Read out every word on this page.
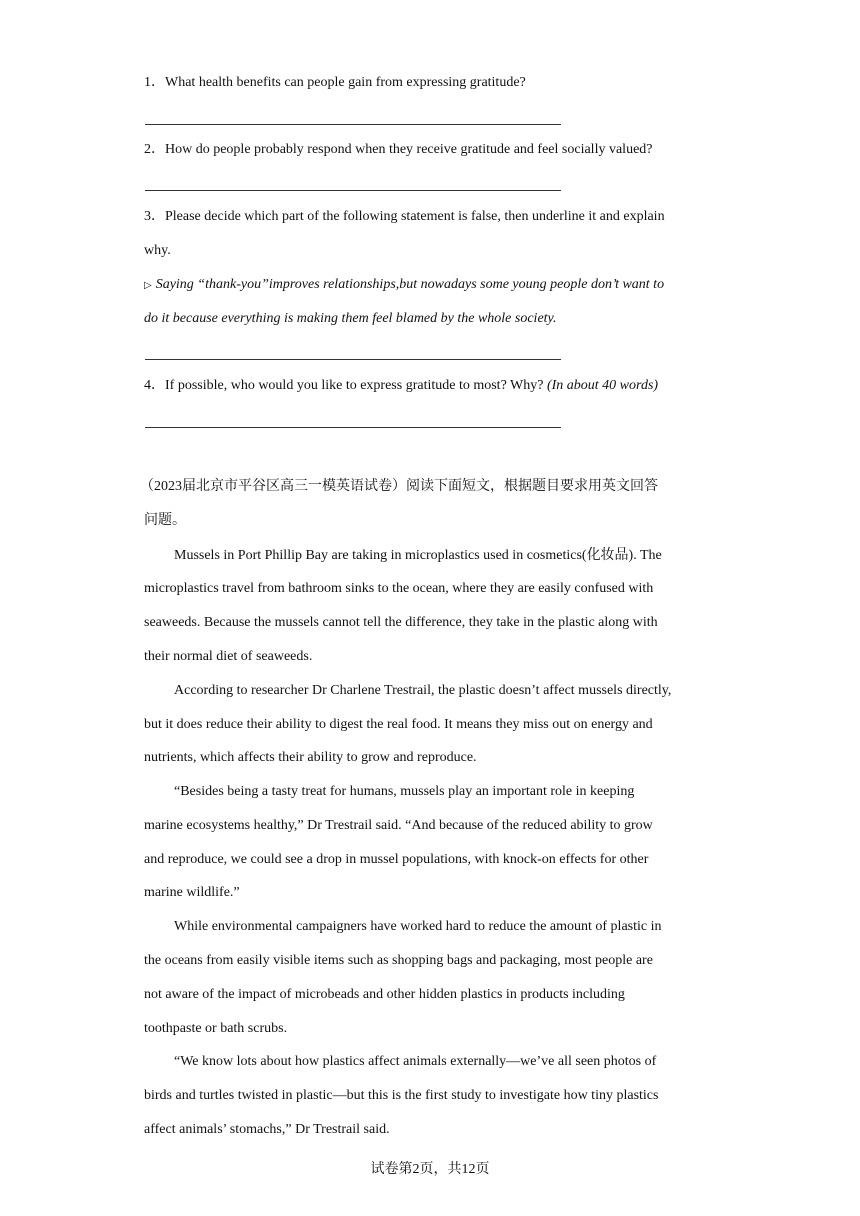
1．What health benefits can people gain from expressing gratitude?
2．How do people probably respond when they receive gratitude and feel socially valued?
3．Please decide which part of the following statement is false, then underline it and explain
why.
▷ Saying “thank-you”improves relationships,but nowadays some young people don’t want to
do it because everything is making them feel blamed by the whole society.
4．If possible, who would you like to express gratitude to most? Why? (In about 40 words)
（2023届北京市平谷区高三一模英语试卷）阅读下面短文，根据题目要求用英文回答
问题。
Mussels in Port Phillip Bay are taking in microplastics used in cosmetics(化妆品). The
microplastics travel from bathroom sinks to the ocean, where they are easily confused with
seaweeds. Because the mussels cannot tell the difference, they take in the plastic along with
their normal diet of seaweeds.
According to researcher Dr Charlene Trestrail, the plastic doesn’t affect mussels directly,
but it does reduce their ability to digest the real food. It means they miss out on energy and
nutrients, which affects their ability to grow and reproduce.
“Besides being a tasty treat for humans, mussels play an important role in keeping
marine ecosystems healthy,” Dr Trestrail said. “And because of the reduced ability to grow
and reproduce, we could see a drop in mussel populations, with knock-on effects for other
marine wildlife.”
While environmental campaigners have worked hard to reduce the amount of plastic in
the oceans from easily visible items such as shopping bags and packaging, most people are
not aware of the impact of microbeads and other hidden plastics in products including
toothpaste or bath scrubs.
“We know lots about how plastics affect animals externally—we’ve all seen photos of
birds and turtles twisted in plastic—but this is the first study to investigate how tiny plastics
affect animals’ stomachs,” Dr Trestrail said.
试卷第2页，共12页
